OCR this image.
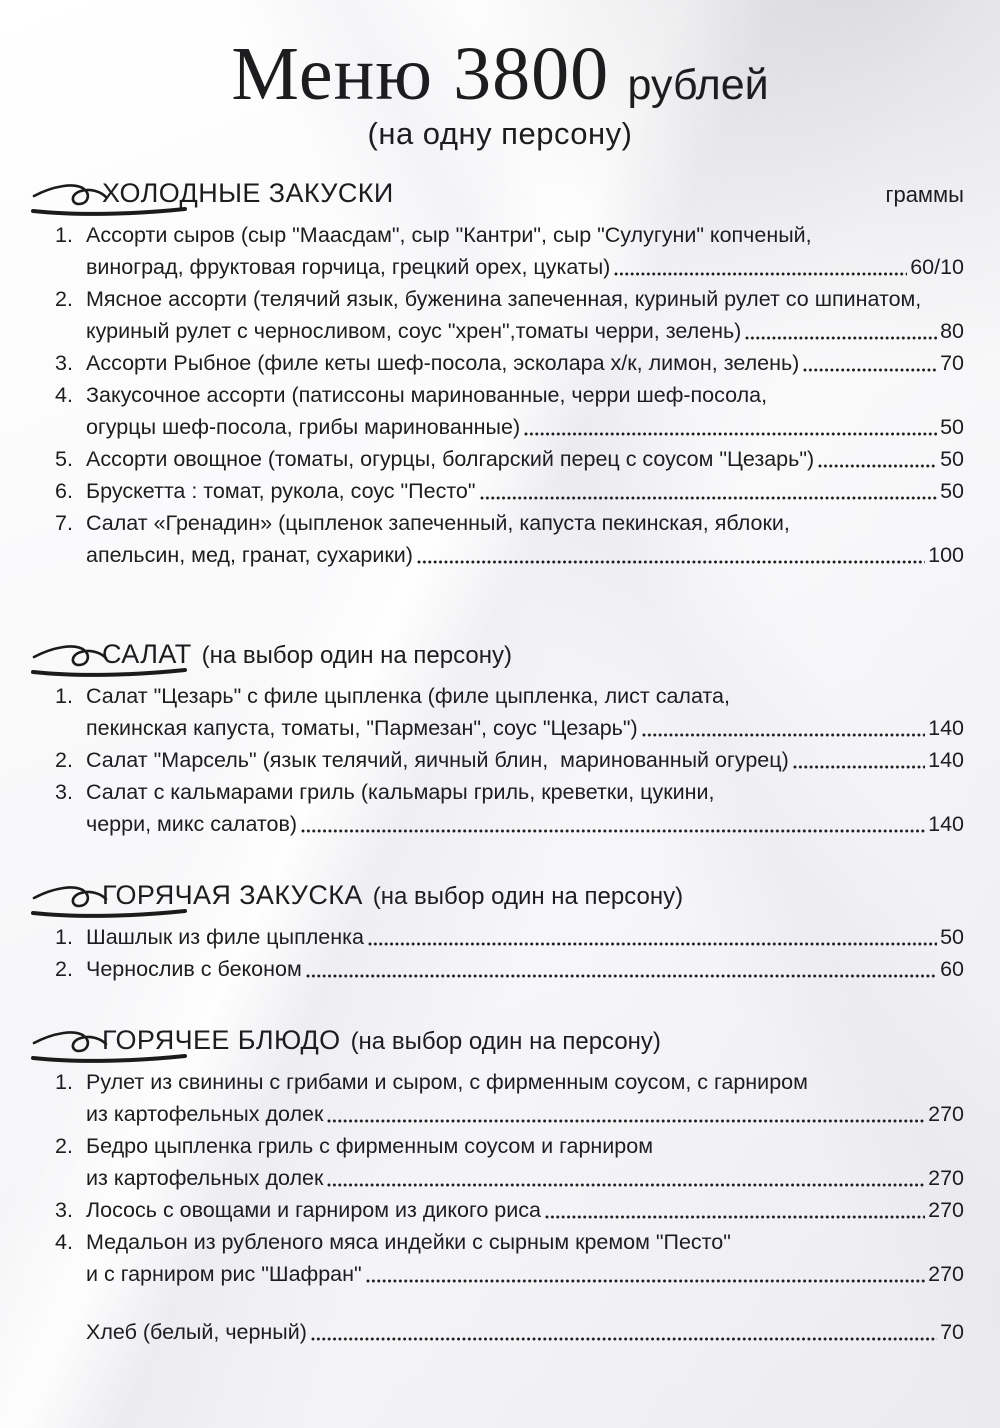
Меню 3800 рублей
(на одну персону)
ХОЛОДНЫЕ ЗАКУСКИ	граммы
1. Ассорти сыров (сыр "Маасдам", сыр "Кантри", сыр "Сулугуни" копченый,
виноград, фруктовая горчица, грецкий орех, цукаты)	60/10
2. Мясное ассорти (телячий язык, буженина запеченная, куриный рулет со шпинатом,
куриный рулет с черносливом, соус "хрен",томаты черри, зелень)	80
3. Ассорти Рыбное (филе кеты шеф-посола, эсколара х/к, лимон, зелень)	70
4. Закусочное ассорти (патиссоны маринованные, черри шеф-посола,
огурцы шеф-посола, грибы маринованные)	50
5. Ассорти овощное (томаты, огурцы, болгарский перец с соусом "Цезарь")	50
6. Брускетта : томат, рукола, соус "Песто"	50
7. Салат «Гренадин» (цыпленок запеченный, капуста пекинская, яблоки,
апельсин, мед, гранат, сухарики)	100
САЛАТ (на выбор один на персону)
1. Салат "Цезарь" с филе цыпленка (филе цыпленка, лист салата,
пекинская капуста, томаты, "Пармезан", соус "Цезарь")	140
2. Салат "Марсель" (язык телячий, яичный блин,  маринованный огурец)	140
3. Салат с кальмарами гриль (кальмары гриль, креветки, цукини,
черри, микс салатов)	140
ГОРЯЧАЯ ЗАКУСКА (на выбор один на персону)
1. Шашлык из филе цыпленка	50
2. Чернослив с беконом	60
ГОРЯЧЕЕ БЛЮДО (на выбор один на персону)
1. Рулет из свинины с грибами и сыром, с фирменным соусом, с гарниром
из картофельных долек	270
2. Бедро цыпленка гриль с фирменным соусом и гарниром
из картофельных долек	270
3. Лосось с овощами и гарниром из дикого риса	270
4. Медальон из рубленого мяса индейки с сырным кремом "Песто"
и с гарниром рис "Шафран"	270
Хлеб (белый, черный)	70
